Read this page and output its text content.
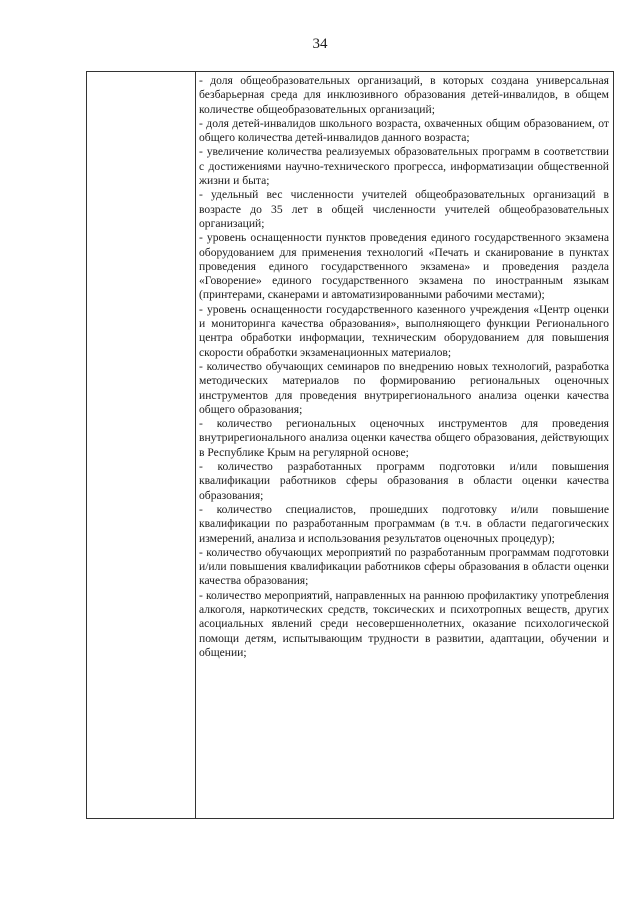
34

- доля общеобразовательных организаций, в которых создана универсальная безбарьерная среда для инклюзивного образования детей-инвалидов, в общем количестве общеобразовательных организаций;

- доля детей-инвалидов школьного возраста, охваченных общим образованием, от общего количества детей-инвалидов данного возраста;

- увеличение количества реализуемых образовательных программ в соответствии с достижениями научно-технического прогресса, информатизации общественной жизни и быта;

- удельный вес численности учителей общеобразовательных организаций в возрасте до 35 лет в общей численности учителей общеобразовательных организаций;

- уровень оснащенности пунктов проведения единого государственного экзамена оборудованием для применения технологий «Печать и сканирование в пунктах проведения единого государственного экзамена» и проведения раздела «Говорение» единого государственного экзамена по иностранным языкам (принтерами, сканерами и автоматизированными рабочими местами);

- уровень оснащенности государственного казенного учреждения «Центр оценки и мониторинга качества образования», выполняющего функции Регионального центра обработки информации, техническим оборудованием для повышения скорости обработки экзаменационных материалов;

- количество обучающих семинаров по внедрению новых технологий, разработка методических материалов по формированию региональных оценочных инструментов для проведения внутрирегионального анализа оценки качества общего образования;

- количество региональных оценочных инструментов для проведения внутрирегионального анализа оценки качества общего образования, действующих в Республике Крым на регулярной основе;

- количество разработанных программ подготовки и/или повышения квалификации работников сферы образования в области оценки качества образования;

- количество специалистов, прошедших подготовку и/или повышение квалификации по разработанным программам (в т.ч. в области педагогических измерений, анализа и использования результатов оценочных процедур);

- количество обучающих мероприятий по разработанным программам подготовки и/или повышения квалификации работников сферы образования в области оценки качества образования;

- количество мероприятий, направленных на раннюю профилактику употребления алкоголя, наркотических средств, токсических и психотропных веществ, других асоциальных явлений среди несовершеннолетних, оказание психологической помощи детям, испытывающим трудности в развитии, адаптации, обучении и общении;
